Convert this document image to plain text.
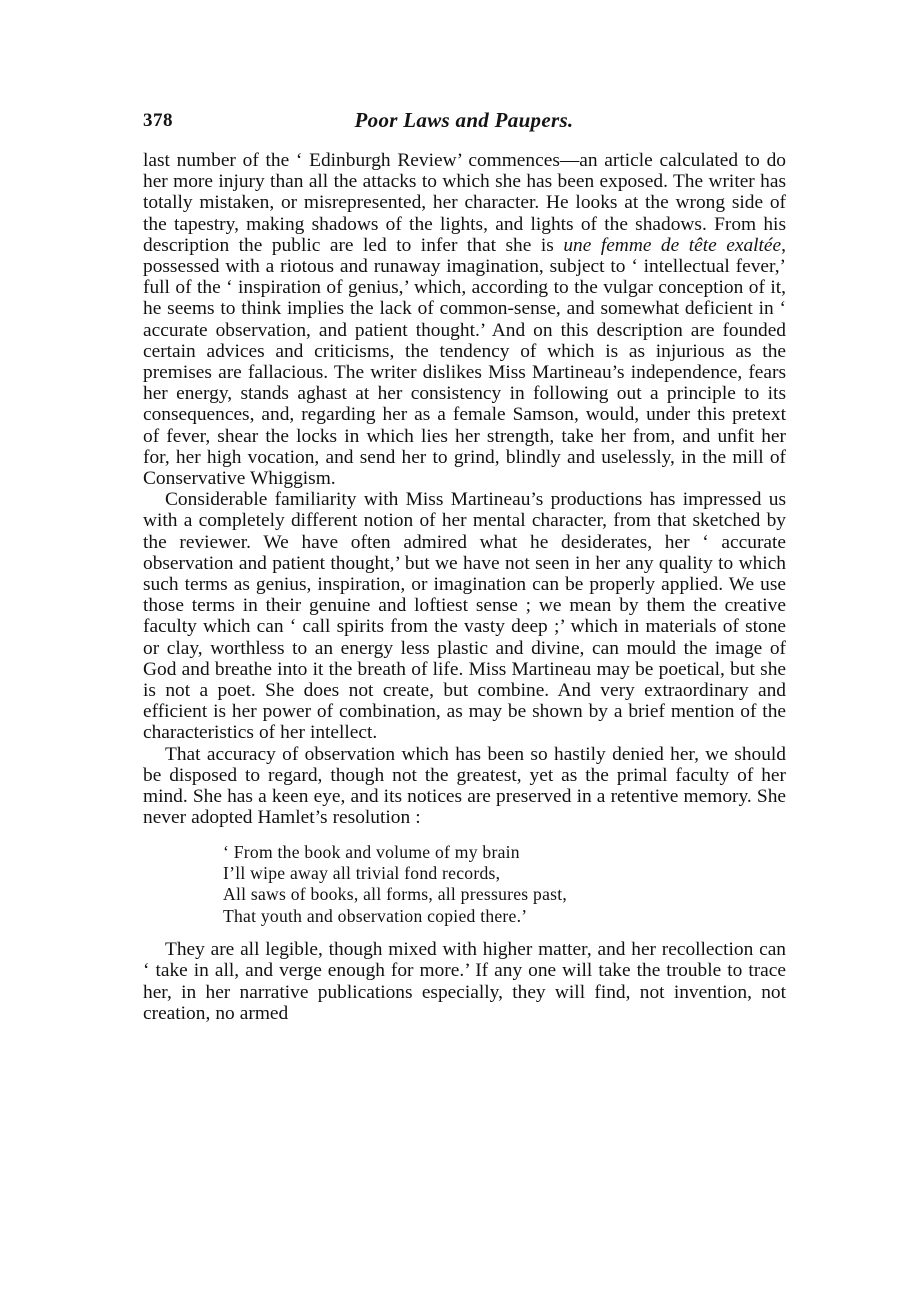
378	Poor Laws and Paupers.

last number of the ‘ Edinburgh Review’ commences—an article calculated to do her more injury than all the attacks to which she has been exposed. The writer has totally mistaken, or misrepresented, her character. He looks at the wrong side of the tapestry, making shadows of the lights, and lights of the shadows. From his description the public are led to infer that she is une femme de tête exaltée, possessed with a riotous and runaway imagination, subject to ‘ intellectual fever,’ full of the ‘ inspiration of genius,’ which, according to the vulgar conception of it, he seems to think implies the lack of common-sense, and somewhat deficient in ‘ accurate observation, and patient thought.’ And on this description are founded certain advices and criticisms, the tendency of which is as injurious as the premises are fallacious. The writer dislikes Miss Martineau’s independence, fears her energy, stands aghast at her consistency in following out a principle to its consequences, and, regarding her as a female Samson, would, under this pretext of fever, shear the locks in which lies her strength, take her from, and unfit her for, her high vocation, and send her to grind, blindly and uselessly, in the mill of Conservative Whiggism.

Considerable familiarity with Miss Martineau’s productions has impressed us with a completely different notion of her mental character, from that sketched by the reviewer. We have often admired what he desiderates, her ‘ accurate observation and patient thought,’ but we have not seen in her any quality to which such terms as genius, inspiration, or imagination can be properly applied. We use those terms in their genuine and loftiest sense ; we mean by them the creative faculty which can ‘ call spirits from the vasty deep ;’ which in materials of stone or clay, worthless to an energy less plastic and divine, can mould the image of God and breathe into it the breath of life. Miss Martineau may be poetical, but she is not a poet. She does not create, but combine. And very extraordinary and efficient is her power of combination, as may be shown by a brief mention of the characteristics of her intellect.

That accuracy of observation which has been so hastily denied her, we should be disposed to regard, though not the greatest, yet as the primal faculty of her mind. She has a keen eye, and its notices are preserved in a retentive memory. She never adopted Hamlet’s resolution :

‘ From the book and volume of my brain
I’ll wipe away all trivial fond records,
All saws of books, all forms, all pressures past,
That youth and observation copied there.’

They are all legible, though mixed with higher matter, and her recollection can ‘ take in all, and verge enough for more.’ If any one will take the trouble to trace her, in her narrative publications especially, they will find, not invention, not creation, no armed
